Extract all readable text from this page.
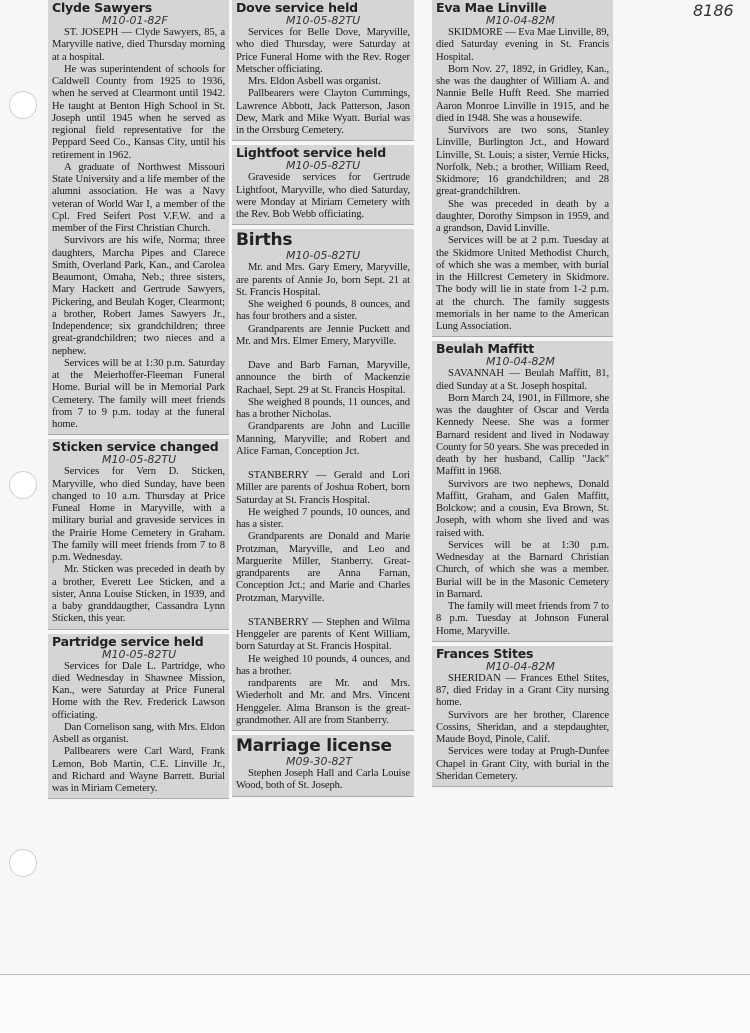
8186
Clyde Sawyers
M10-01-82F

ST. JOSEPH — Clyde Sawyers, 85, a Maryville native, died Thursday morning at a hospital.

He was superintendent of schools for Caldwell County from 1925 to 1936, when he served at Clearmont until 1942. He taught at Benton High School in St. Joseph until 1945 when he served as regional field representative for the Peppard Seed Co., Kansas City, until his retirement in 1962.

A graduate of Northwest Missouri State University and a life member of the alumni association. He was a Navy veteran of World War I, a member of the Cpl. Fred Seifert Post V.F.W. and a member of the First Christian Church.

Survivors are his wife, Norma; three daughters, Marcha Pipes and Clarece Smith, Overland Park, Kan., and Carolea Beaumont, Omaha, Neb.; three sisters, Mary Hackett and Gertrude Sawyers, Pickering, and Beulah Koger, Clearmont; a brother, Robert James Sawyers Jr., Independence; six grandchildren; three great-grandchildren; two nieces and a nephew.

Services will be at 1:30 p.m. Saturday at the Meierhoffer-Fleeman Funeral Home. Burial will be in Memorial Park Cemetery. The family will meet friends from 7 to 9 p.m. today at the funeral home.

Sticken service changed
M10-05-82TU

Services for Vern D. Sticken, Maryville, who died Sunday, have been changed to 10 a.m. Thursday at Price Funeal Home in Maryville, with a military burial and graveside services in the Prairie Home Cemetery in Graham. The family will meet friends from 7 to 8 p.m. Wednesday.

Mr. Sticken was preceded in death by a brother, Everett Lee Sticken, and a sister, Anna Louise Sticken, in 1939, and a baby granddaugther, Cassandra Lynn Sticken, this year.

Partridge service held
M10-05-82TU

Services for Dale L. Partridge, who died Wednesday in Shawnee Mission, Kan., were Saturday at Price Funeral Home with the Rev. Frederick Lawson officiating.

Dan Cornelison sang, with Mrs. Eldon Asbell as organist.

Pallbearers were Carl Ward, Frank Lemon, Bob Martin, C.E. Linville Jr., and Richard and Wayne Barrett. Burial was in Miriam Cemetery.

Dove service held
M10-05-82TU

Services for Belle Dove, Maryville, who died Thursday, were Saturday at Price Funeral Home with the Rev. Roger Metscher officiating.

Mrs. Eldon Asbell was organist.

Pallbearers were Clayton Cummings, Lawrence Abbott, Jack Patterson, Jason Dew, Mark and Mike Wyatt. Burial was in the Orrsburg Cemetery.

Lightfoot service held
M10-05-82TU

Graveside services for Gertrude Lightfoot, Maryville, who died Saturday, were Monday at Miriam Cemetery with the Rev. Bob Webb officiating.

Births
M10-05-82TU

Mr. and Mrs. Gary Emery, Maryville, are parents of Annie Jo, born Sept. 21 at St. Francis Hospital.

She weighed 6 pounds, 8 ounces, and has four brothers and a sister.

Grandparents are Jennie Puckett and Mr. and Mrs. Elmer Emery, Maryville.

Dave and Barb Farnan, Maryville, announce the birth of Mackenzie Rachael, Sept. 29 at St. Francis Hospital.

She weighed 8 pounds, 11 ounces, and has a brother Nicholas.

Grandparents are John and Lucille Manning, Maryville; and Robert and Alice Farnan, Conception Jct.

STANBERRY — Gerald and Lori Miller are parents of Joshua Robert, born Saturday at St. Francis Hospital.

He weighed 7 pounds, 10 ounces, and has a sister.

Grandparents are Donald and Marie Protzman, Maryville, and Leo and Marguerite Miller, Stanberry. Great-grandparents are Anna Farnan, Conception Jct.; and Marie and Charles Protzman, Maryville.

STANBERRY — Stephen and Wilma Henggeler are parents of Kent William, born Saturday at St. Francis Hospital.

He weighed 10 pounds, 4 ounces, and has a brother.

randparents are Mr. and Mrs. Wiederholt and Mr. and Mrs. Vincent Henggeler. Alma Branson is the great-grandmother. All are from Stanberry.

Marriage license
M09-30-82T

Stephen Joseph Hall and Carla Louise Wood, both of St. Joseph.

Eva Mae Linville
M10-04-82M

SKIDMORE — Eva Mae Linville, 89, died Saturday evening in St. Francis Hospital.

Born Nov. 27, 1892, in Gridley, Kan., she was the daughter of William A. and Nannie Belle Hufft Reed. She married Aaron Monroe Linville in 1915, and he died in 1948. She was a housewife.

Survivors are two sons, Stanley Linville, Burlington Jct., and Howard Linville, St. Louis; a sister, Vernie Hicks, Norfolk, Neb.; a brother, William Reed, Skidmore; 16 grandchildren; and 28 great-grandchildren.

She was preceded in death by a daughter, Dorothy Simpson in 1959, and a grandson, David Linville.

Services will be at 2 p.m. Tuesday at the Skidmore United Methodist Church, of which she was a member, with burial in the Hillcrest Cemetery in Skidmore. The body will lie in state from 1-2 p.m. at the church. The family suggests memorials in her name to the American Lung Association.

Beulah Maffitt
M10-04-82M

SAVANNAH — Beulah Maffitt, 81, died Sunday at a St. Joseph hospital.

Born March 24, 1901, in Fillmore, she was the daughter of Oscar and Verda Kennedy Neese. She was a former Barnard resident and lived in Nodaway County for 50 years. She was preceded in death by her husband, Callip "Jack" Maffitt in 1968.

Survivors are two nephews, Donald Maffitt, Graham, and Galen Maffitt, Bolckow; and a cousin, Eva Brown, St. Joseph, with whom she lived and was raised with.

Services will be at 1:30 p.m. Wednesday at the Barnard Christian Church, of which she was a member. Burial will be in the Masonic Cemetery in Barnard.

The family will meet friends from 7 to 8 p.m. Tuesday at Johnson Funeral Home, Maryville.

Frances Stites
M10-04-82M

SHERIDAN — Frances Ethel Stites, 87, died Friday in a Grant City nursing home.

Survivors are her brother, Clarence Cossins, Sheridan, and a stepdaughter, Maude Boyd, Pinole, Calif.

Services were today at Prugh-Dunfee Chapel in Grant City, with burial in the Sheridan Cemetery.
